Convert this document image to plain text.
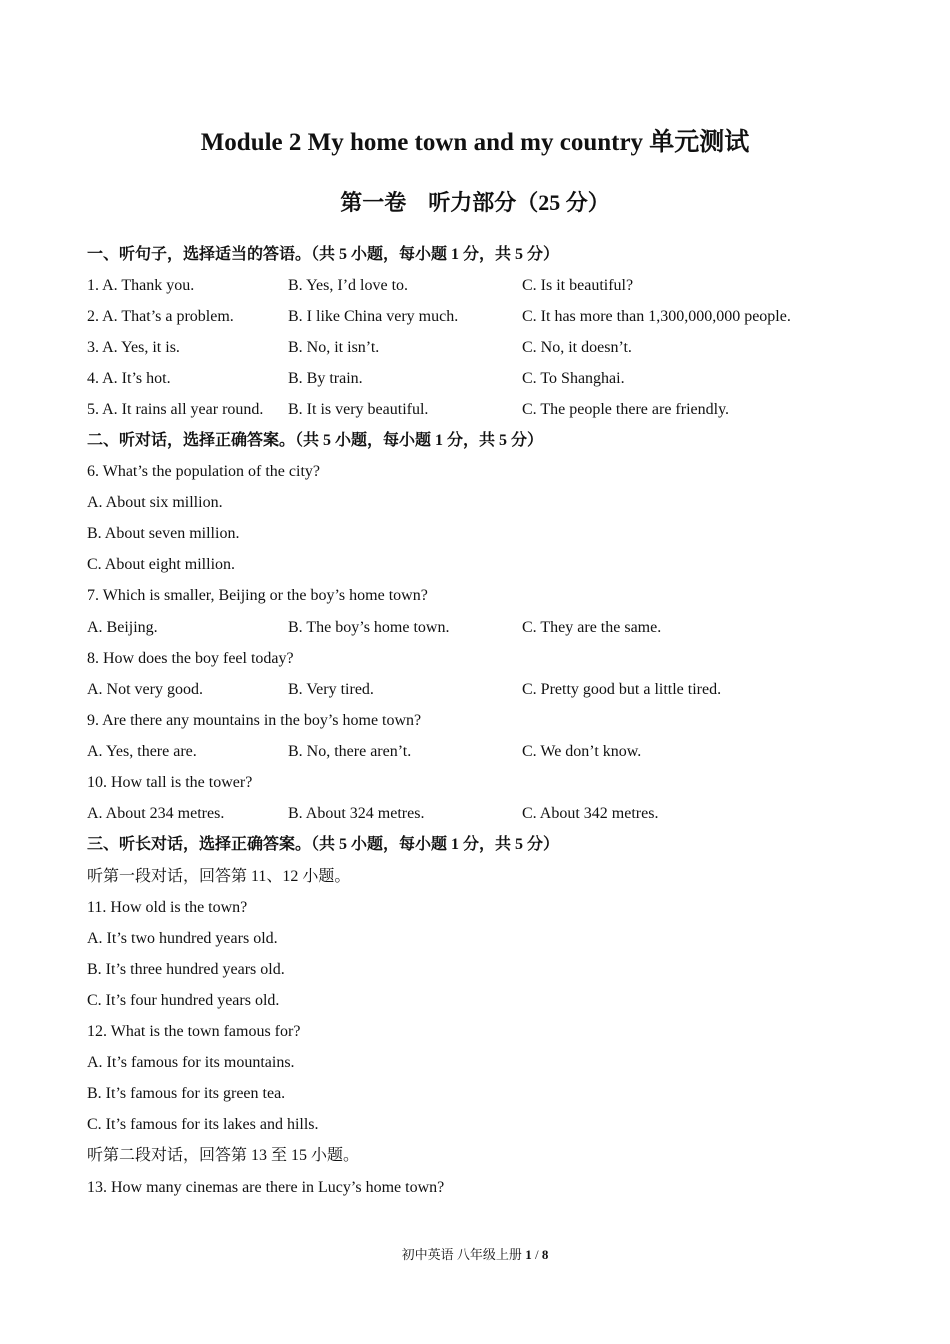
Module 2 My home town and my country 单元测试
第一卷　听力部分（25 分）
一、听句子，选择适当的答语。（共 5 小题，每小题 1 分，共 5 分）
1. A. Thank you.	B. Yes, I’d love to.	C. Is it beautiful?
2. A. That’s a problem.	B. I like China very much.	C. It has more than 1,300,000,000 people.
3. A. Yes, it is.	B. No, it isn’t.	C. No, it doesn’t.
4. A. It’s hot.	B. By train.	C. To Shanghai.
5. A. It rains all year round. B. It is very beautiful.	C. The people there are friendly.
二、听对话，选择正确答案。（共 5 小题，每小题 1 分，共 5 分）
6. What’s the population of the city?
A. About six million.
B. About seven million.
C. About eight million.
7. Which is smaller, Beijing or the boy’s home town?
A. Beijing.	B. The boy’s home town.	C. They are the same.
8. How does the boy feel today?
A. Not very good.	B. Very tired.	C. Pretty good but a little tired.
9. Are there any mountains in the boy’s home town?
A. Yes, there are.	B. No, there aren’t.	C. We don’t know.
10. How tall is the tower?
A. About 234 metres.	B. About 324 metres.	C. About 342 metres.
三、听长对话，选择正确答案。（共 5 小题，每小题 1 分，共 5 分）
听第一段对话，回答第 11、12 小题。
11. How old is the town?
A. It’s two hundred years old.
B. It’s three hundred years old.
C. It’s four hundred years old.
12. What is the town famous for?
A. It’s famous for its mountains.
B. It’s famous for its green tea.
C. It’s famous for its lakes and hills.
听第二段对话，回答第 13 至 15 小题。
13. How many cinemas are there in Lucy’s home town?
初中英语 八年级上册 1 / 8
